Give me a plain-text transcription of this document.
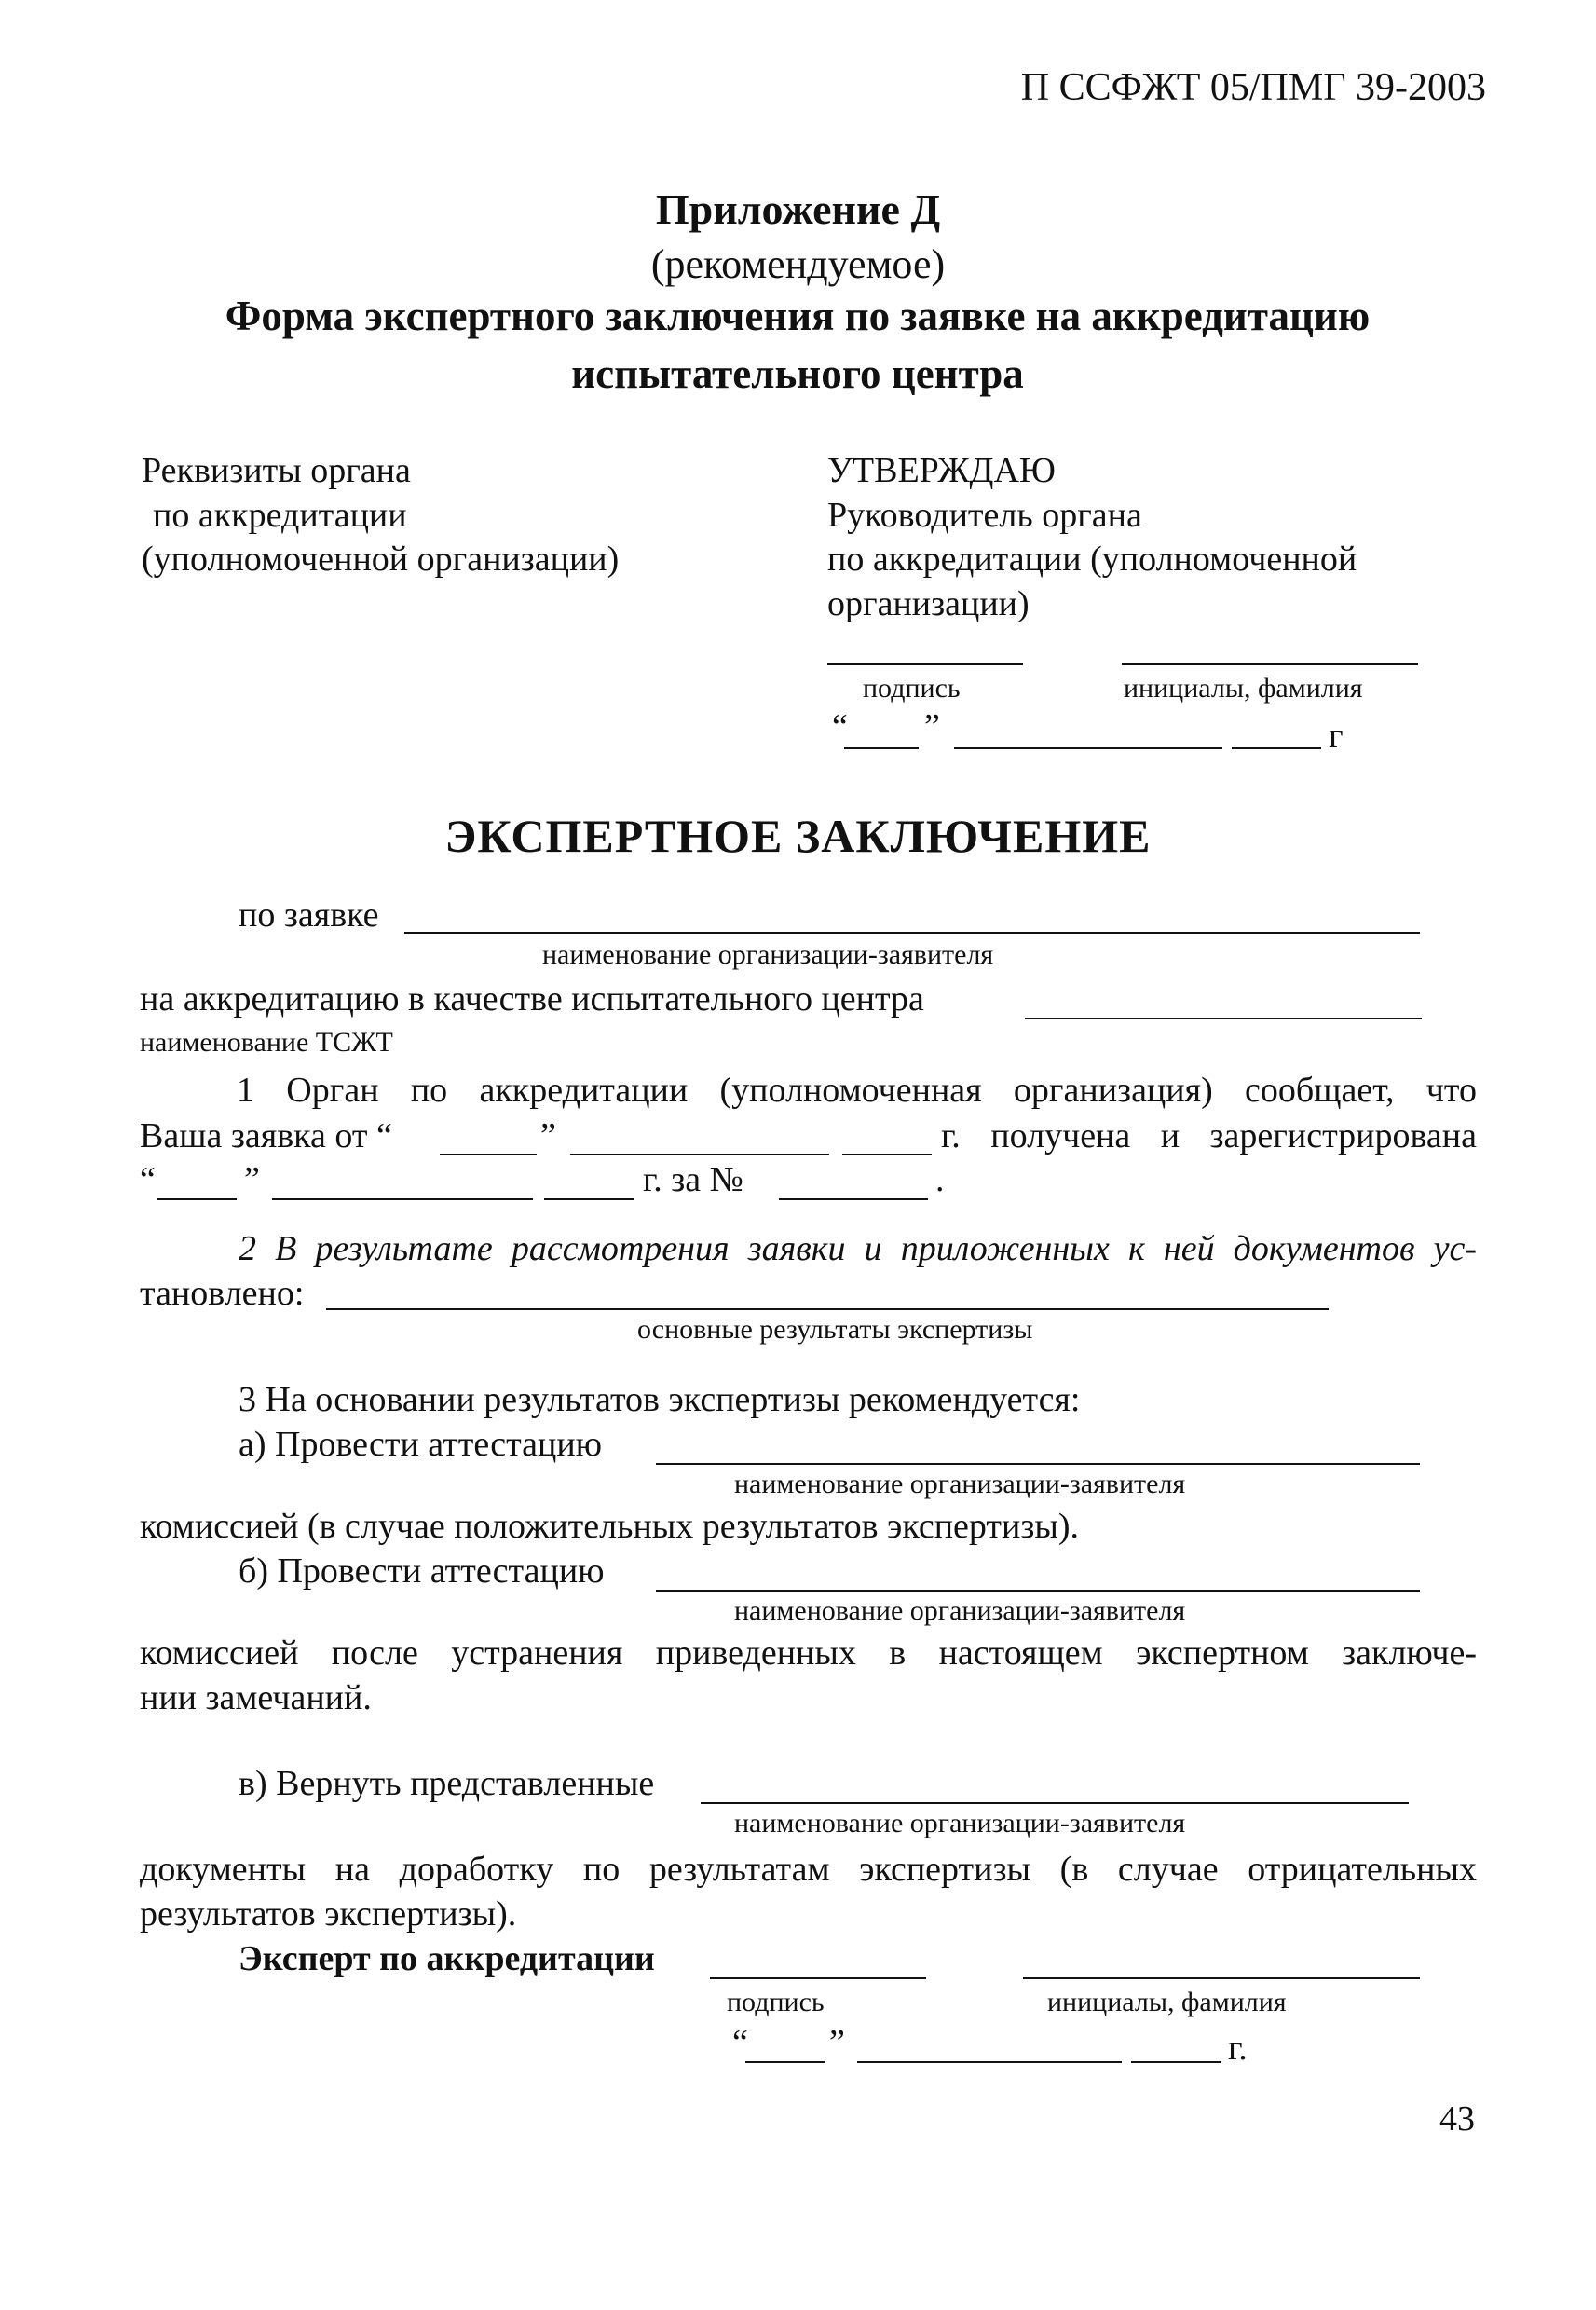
П ССФЖТ 05/ПМГ 39-2003
Приложение Д
(рекомендуемое)
Форма экспертного заключения по заявке на аккредитацию испытательного центра
Реквизиты органа
по аккредитации
(уполномоченной организации)
УТВЕРЖДАЮ
Руководитель органа
по аккредитации (уполномоченной
организации)
подпись	инициалы, фамилия
“ ”	г
ЭКСПЕРТНОЕ ЗАКЛЮЧЕНИЕ
по заявке
наименование организации-заявителя
на аккредитацию в качестве испытательного центра
наименование ТСЖТ
1 Орган по аккредитации (уполномоченная организация) сообщает, что
Ваша заявка от “	”	г. получена и зарегистрирована
“	”	г. за №	.
2 В результате рассмотрения заявки и приложенных к ней документов ус-
тановлено:
основные результаты экспертизы
3 На основании результатов экспертизы рекомендуется:
а) Провести аттестацию
наименование организации-заявителя
комиссией (в случае положительных результатов экспертизы).
б) Провести аттестацию
наименование организации-заявителя
комиссией после устранения приведенных в настоящем экспертном заключе-
нии замечаний.
в) Вернуть представленные
наименование организации-заявителя
документы на доработку по результатам экспертизы (в случае отрицательных
результатов экспертизы).
Эксперт по аккредитации
подпись	инициалы, фамилия
“ ”	г.
43
